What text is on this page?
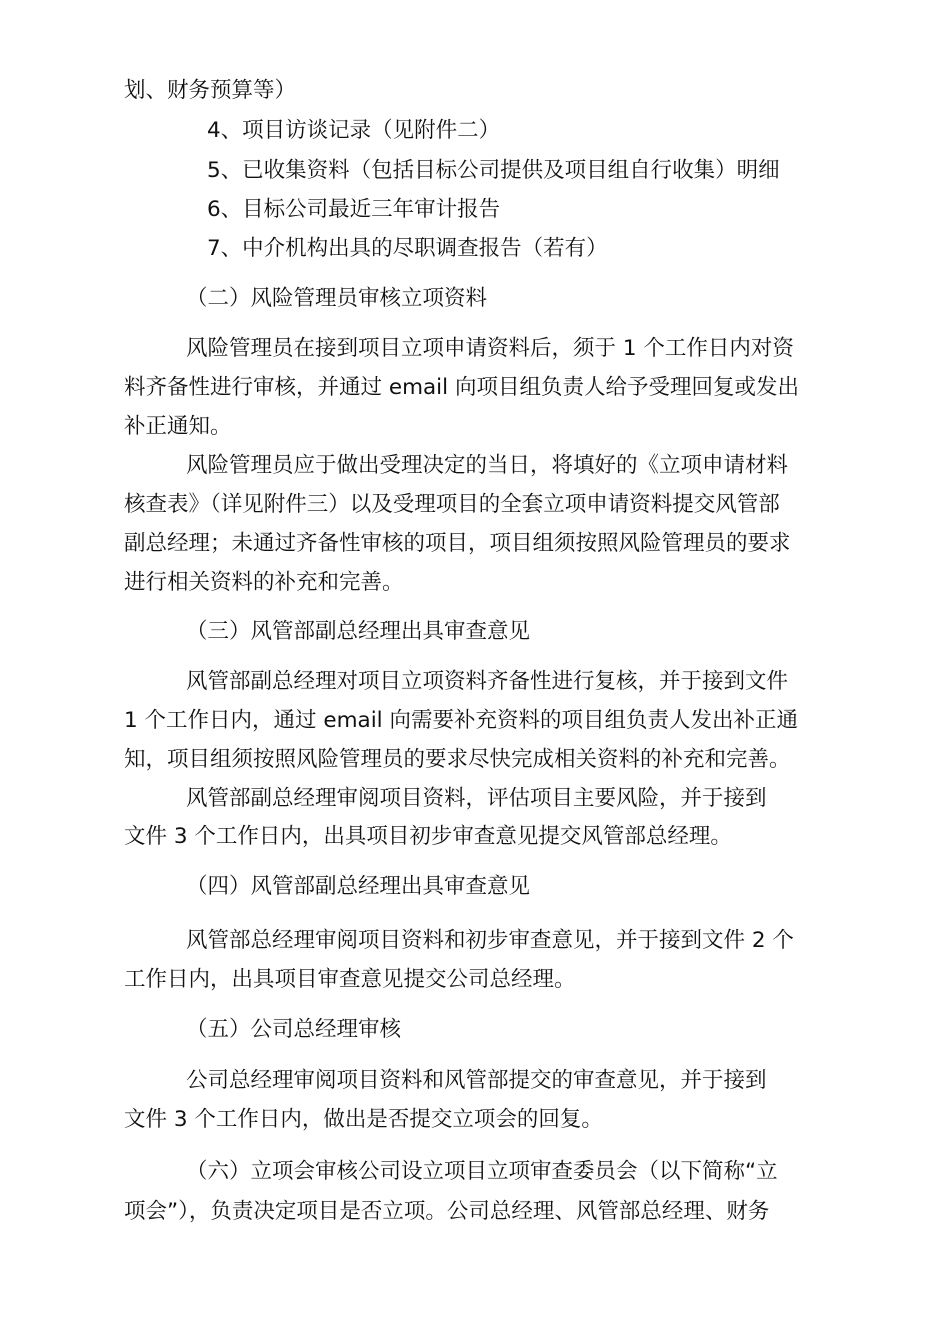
划、财务预算等）
4、项目访谈记录（见附件二）
5、已收集资料（包括目标公司提供及项目组自行收集）明细
6、目标公司最近三年审计报告
7、中介机构出具的尽职调查报告（若有）
（二）风险管理员审核立项资料
风险管理员在接到项目立项申请资料后，须于 1 个工作日内对资
料齐备性进行审核，并通过 email 向项目组负责人给予受理回复或发出
补正通知。
风险管理员应于做出受理决定的当日，将填好的《立项申请材料
核查表》（详见附件三）以及受理项目的全套立项申请资料提交风管部
副总经理；未通过齐备性审核的项目，项目组须按照风险管理员的要求
进行相关资料的补充和完善。
（三）风管部副总经理出具审查意见
风管部副总经理对项目立项资料齐备性进行复核，并于接到文件
1 个工作日内，通过 email 向需要补充资料的项目组负责人发出补正通
知，项目组须按照风险管理员的要求尽快完成相关资料的补充和完善。
风管部副总经理审阅项目资料，评估项目主要风险，并于接到
文件 3 个工作日内，出具项目初步审查意见提交风管部总经理。
（四）风管部副总经理出具审查意见
风管部总经理审阅项目资料和初步审查意见，并于接到文件 2 个
工作日内，出具项目审查意见提交公司总经理。
（五）公司总经理审核
公司总经理审阅项目资料和风管部提交的审查意见，并于接到
文件 3 个工作日内，做出是否提交立项会的回复。
（六）立项会审核公司设立项目立项审查委员会（以下简称“立
项会”），负责决定项目是否立项。公司总经理、风管部总经理、财务
